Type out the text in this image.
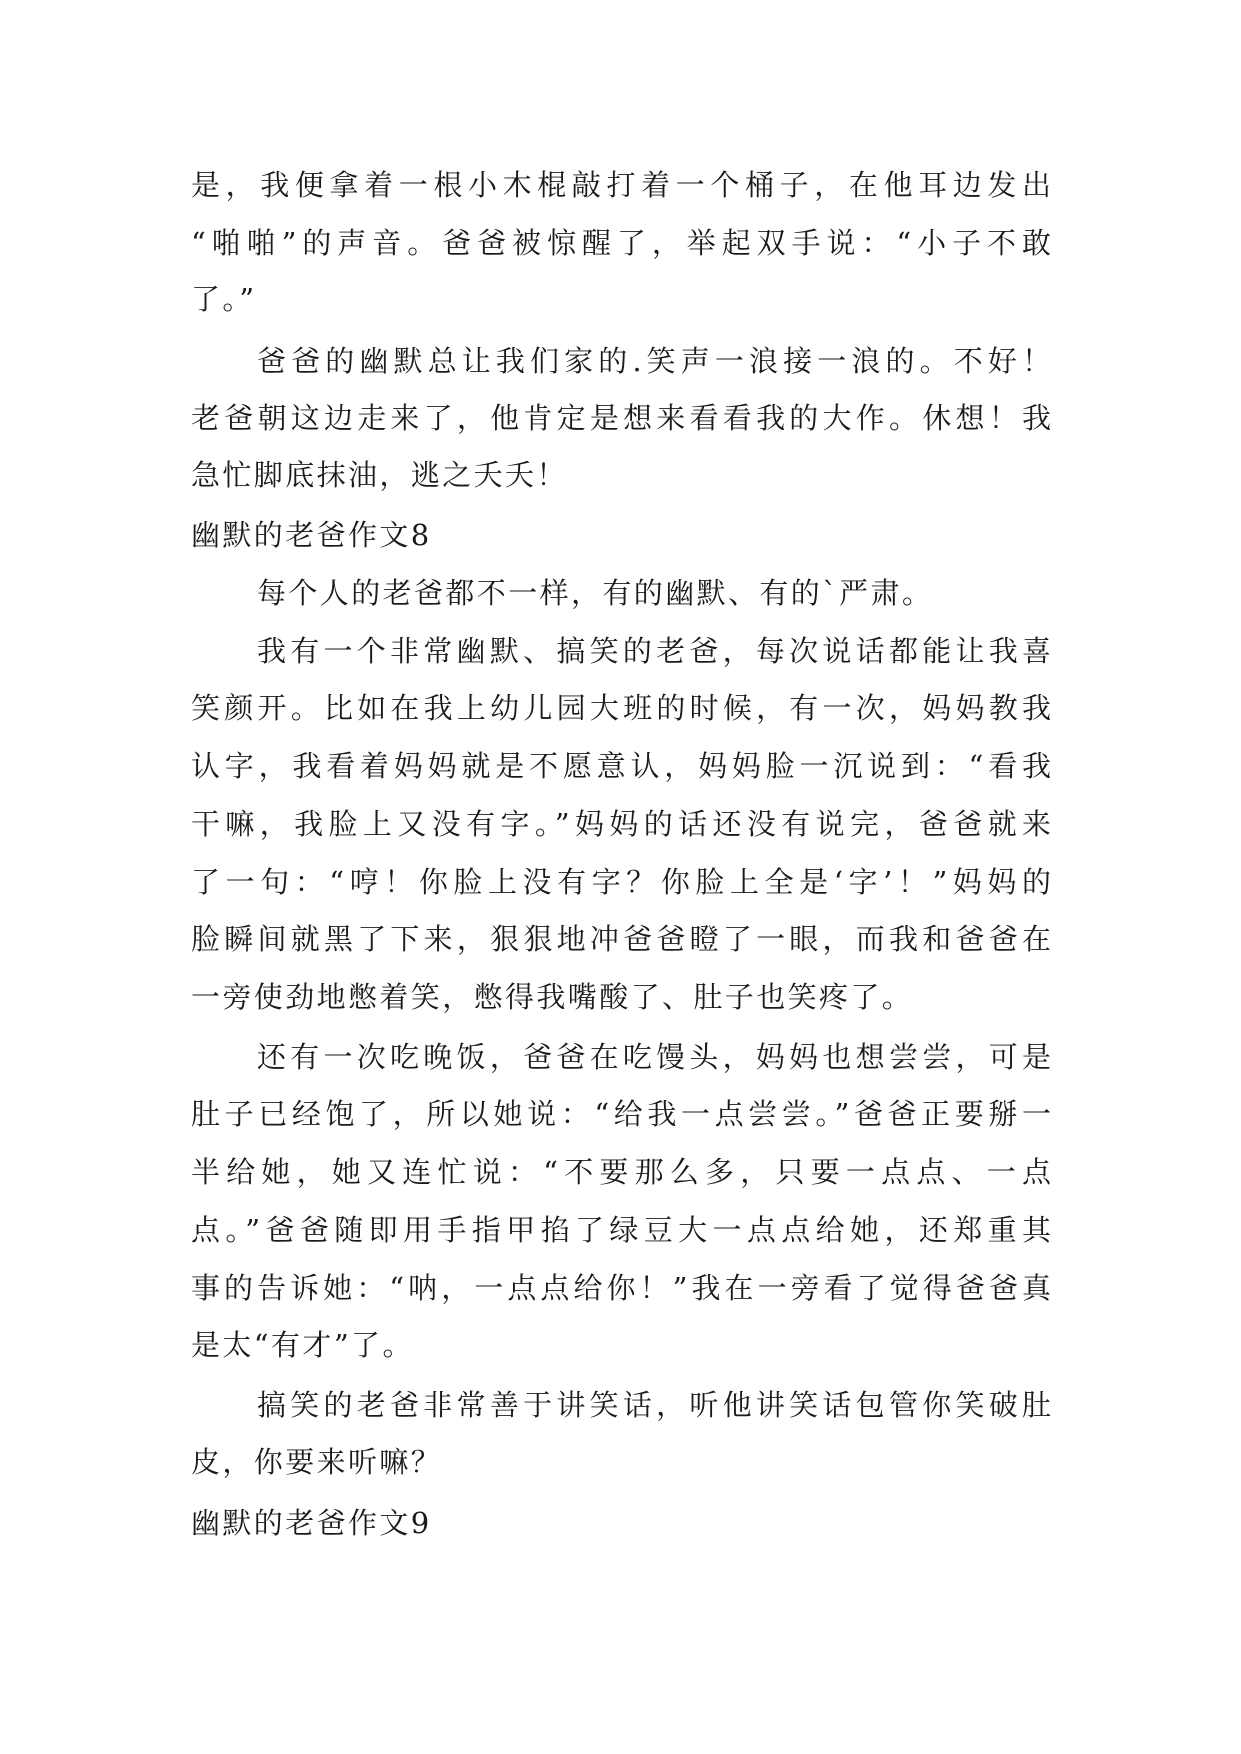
是，我便拿着一根小木棍敲打着一个桶子，在他耳边发出
“啪啪”的声音。爸爸被惊醒了，举起双手说：“小子不敢
了。”
爸爸的幽默总让我们家的.笑声一浪接一浪的。不好！
老爸朝这边走来了，他肯定是想来看看我的大作。休想！我
急忙脚底抹油，逃之夭夭！
幽默的老爸作文8
每个人的老爸都不一样，有的幽默、有的`严肃。
我有一个非常幽默、搞笑的老爸，每次说话都能让我喜
笑颜开。比如在我上幼儿园大班的时候，有一次，妈妈教我
认字，我看着妈妈就是不愿意认，妈妈脸一沉说到：“看我
干嘛，我脸上又没有字。”妈妈的话还没有说完，爸爸就来
了一句：“哼！你脸上没有字？你脸上全是‘字’！”妈妈的
脸瞬间就黑了下来，狠狠地冲爸爸瞪了一眼，而我和爸爸在
一旁使劲地憋着笑，憋得我嘴酸了、肚子也笑疼了。
还有一次吃晚饭，爸爸在吃馒头，妈妈也想尝尝，可是
肚子已经饱了，所以她说：“给我一点尝尝。”爸爸正要掰一
半给她，她又连忙说：“不要那么多，只要一点点、一点
点。”爸爸随即用手指甲掐了绿豆大一点点给她，还郑重其
事的告诉她：“呐，一点点给你！”我在一旁看了觉得爸爸真
是太“有才”了。
搞笑的老爸非常善于讲笑话，听他讲笑话包管你笑破肚
皮，你要来听嘛？
幽默的老爸作文9
